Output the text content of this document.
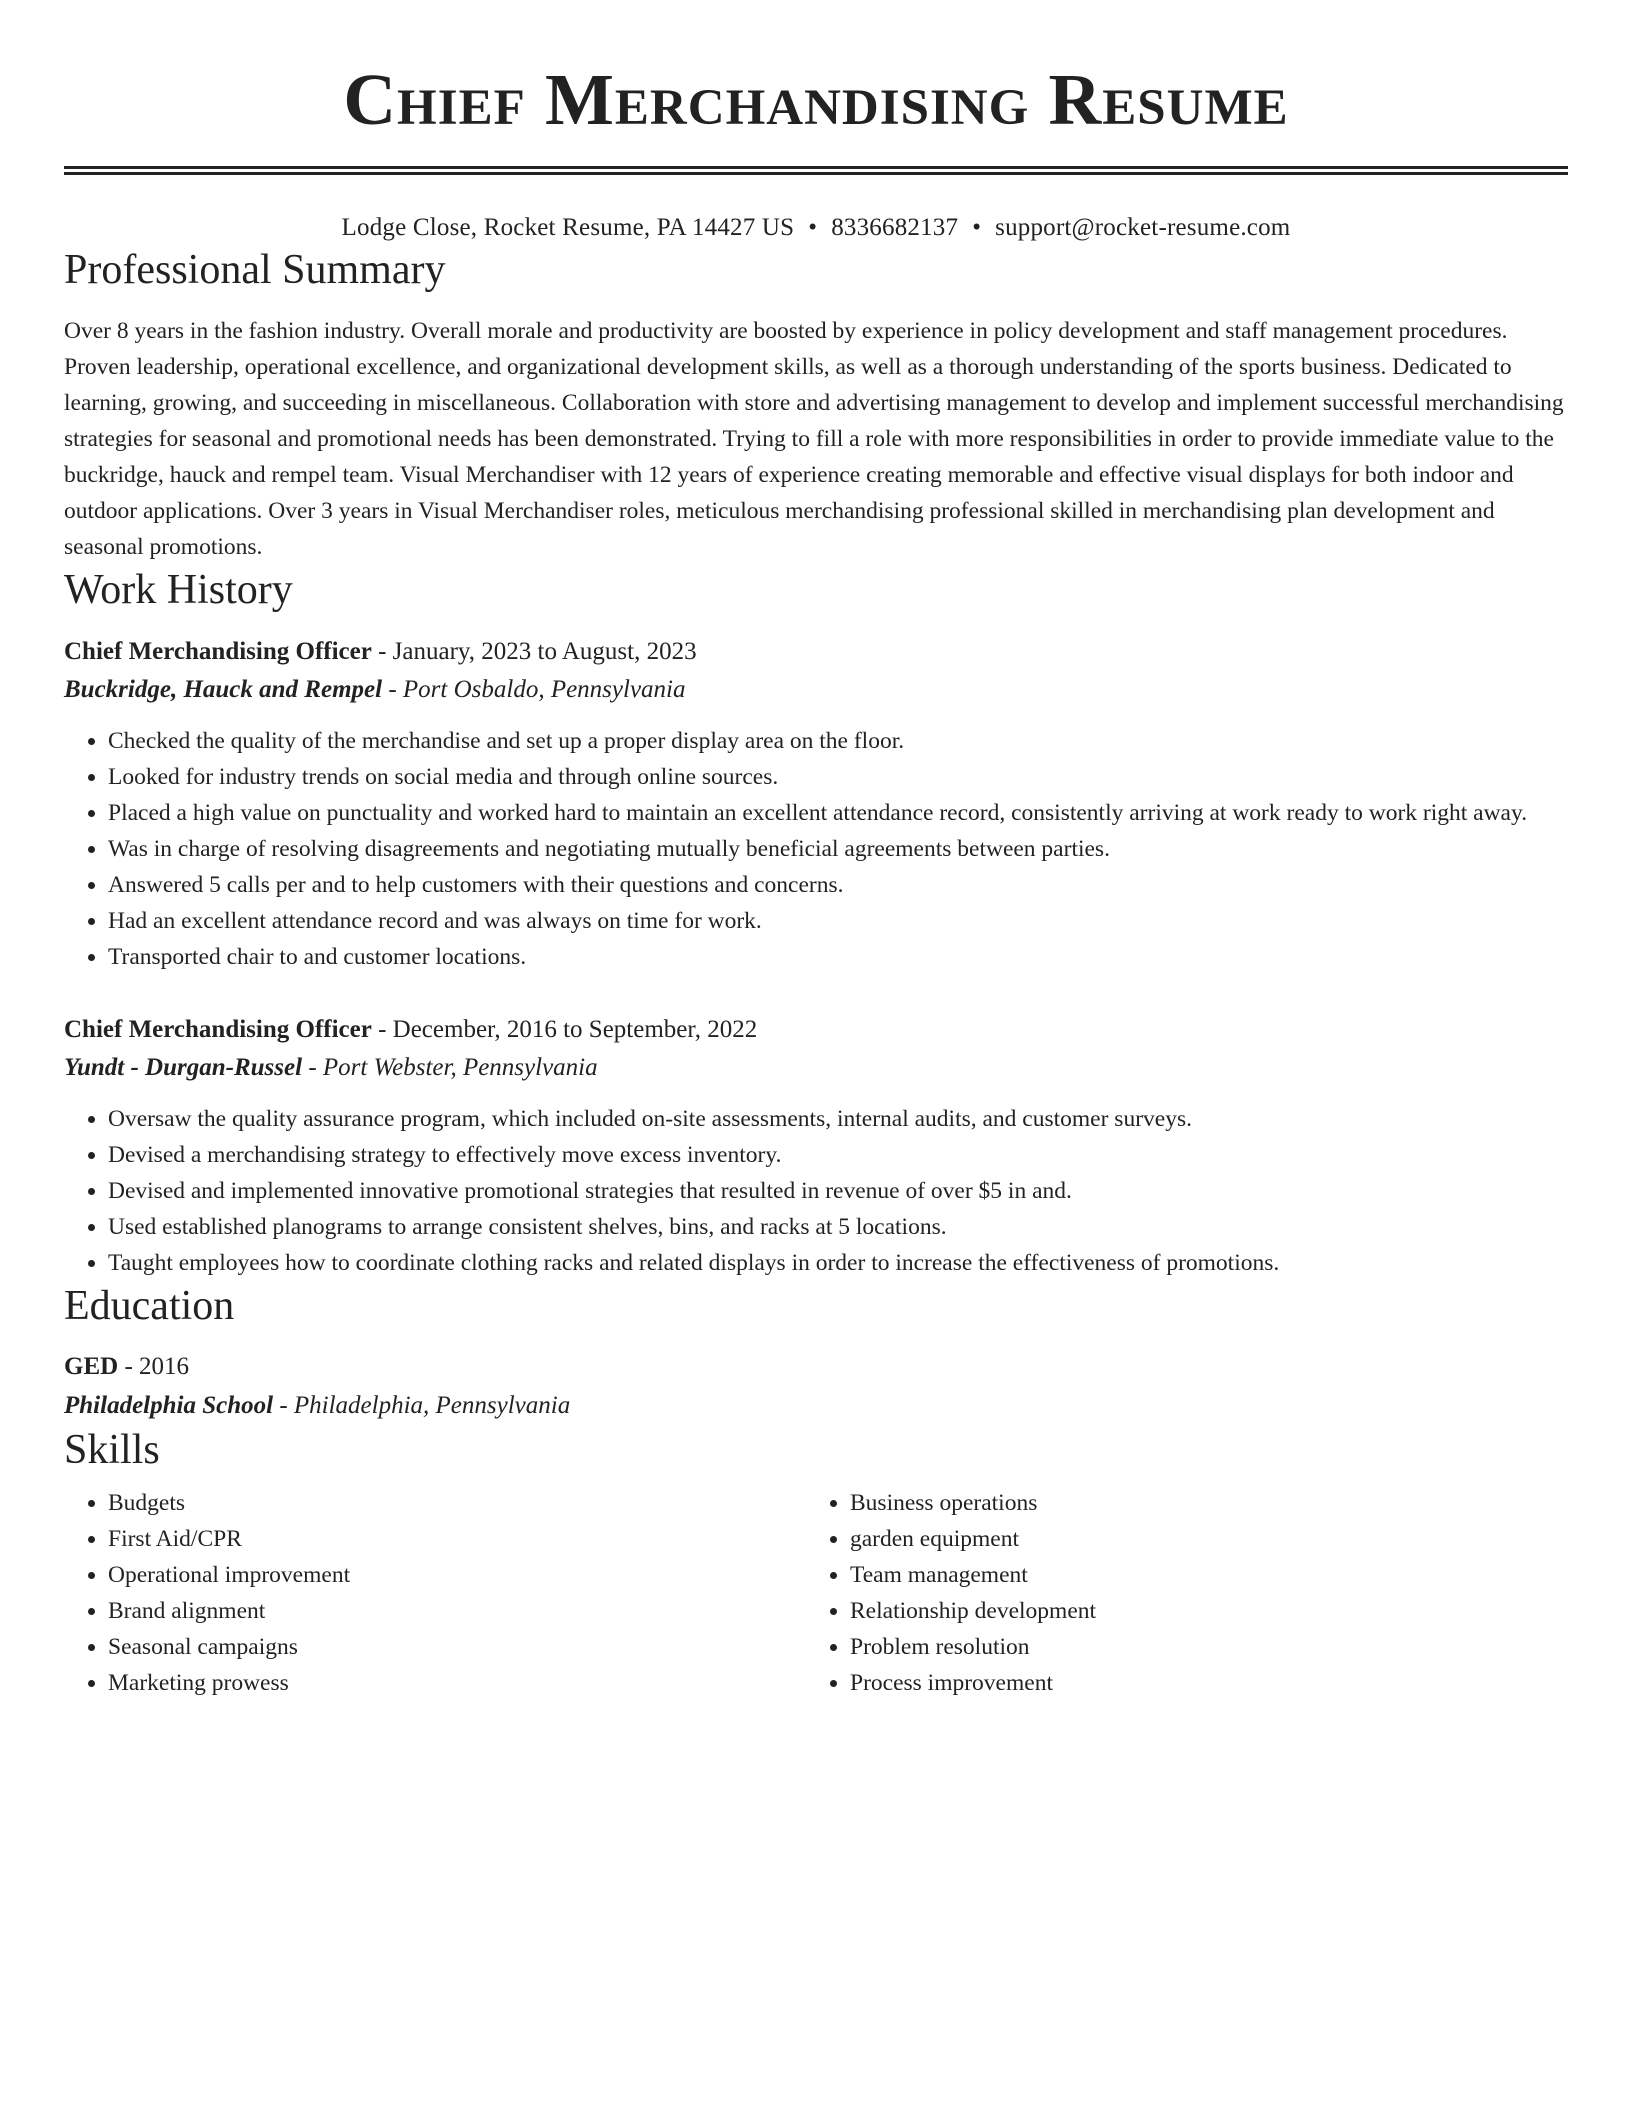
Chief Merchandising Resume
Lodge Close, Rocket Resume, PA 14427 US • 8336682137 • support@rocket-resume.com
Professional Summary

Over 8 years in the fashion industry. Overall morale and productivity are boosted by experience in policy development and staff management procedures. Proven leadership, operational excellence, and organizational development skills, as well as a thorough understanding of the sports business. Dedicated to learning, growing, and succeeding in miscellaneous. Collaboration with store and advertising management to develop and implement successful merchandising strategies for seasonal and promotional needs has been demonstrated. Trying to fill a role with more responsibilities in order to provide immediate value to the buckridge, hauck and rempel team. Visual Merchandiser with 12 years of experience creating memorable and effective visual displays for both indoor and outdoor applications. Over 3 years in Visual Merchandiser roles, meticulous merchandising professional skilled in merchandising plan development and seasonal promotions.

Work History
Chief Merchandising Officer - January, 2023 to August, 2023
Buckridge, Hauck and Rempel - Port Osbaldo, Pennsylvania
• Checked the quality of the merchandise and set up a proper display area on the floor.
• Looked for industry trends on social media and through online sources.
• Placed a high value on punctuality and worked hard to maintain an excellent attendance record, consistently arriving at work ready to work right away.
• Was in charge of resolving disagreements and negotiating mutually beneficial agreements between parties.
• Answered 5 calls per and to help customers with their questions and concerns.
• Had an excellent attendance record and was always on time for work.
• Transported chair to and customer locations.
Chief Merchandising Officer - December, 2016 to September, 2022
Yundt - Durgan-Russel - Port Webster, Pennsylvania
• Oversaw the quality assurance program, which included on-site assessments, internal audits, and customer surveys.
• Devised a merchandising strategy to effectively move excess inventory.
• Devised and implemented innovative promotional strategies that resulted in revenue of over $5 in and.
• Used established planograms to arrange consistent shelves, bins, and racks at 5 locations.
• Taught employees how to coordinate clothing racks and related displays in order to increase the effectiveness of promotions.
Education
GED - 2016
Philadelphia School - Philadelphia, Pennsylvania
Skills
• Budgets
• First Aid/CPR
• Operational improvement
• Brand alignment
• Seasonal campaigns
• Marketing prowess
• Business operations
• garden equipment
• Team management
• Relationship development
• Problem resolution
• Process improvement
